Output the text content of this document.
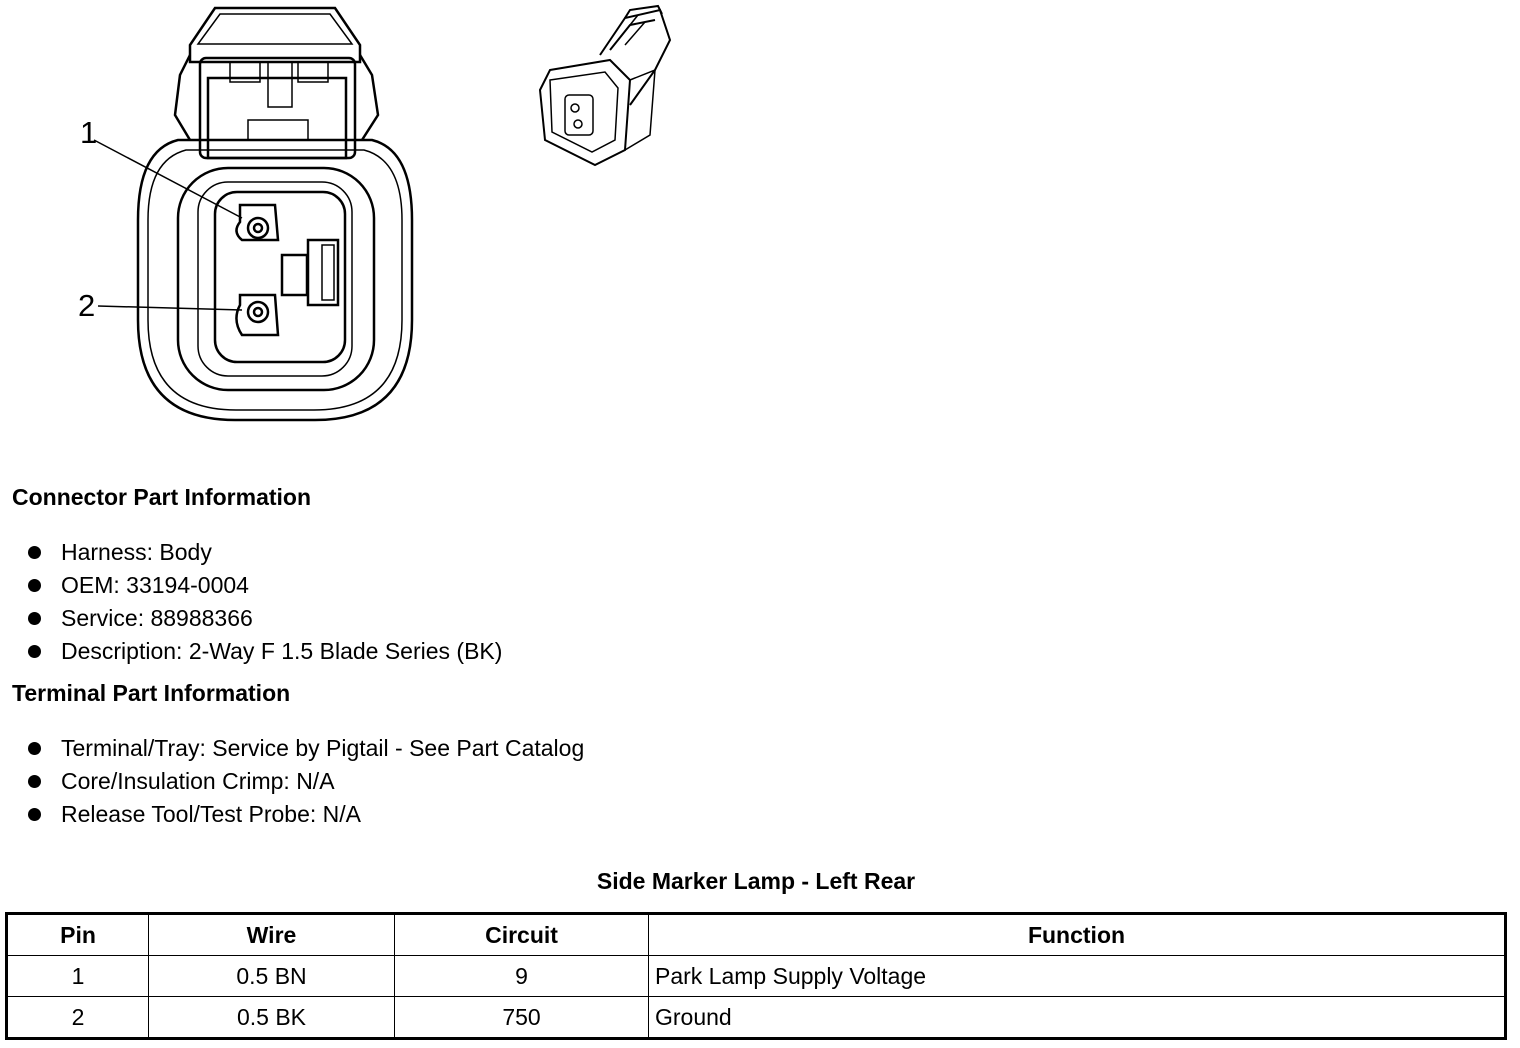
1
2
Connector Part Information
Harness: Body
OEM: 33194-0004
Service: 88988366
Description: 2-Way F 1.5 Blade Series (BK)
Terminal Part Information
Terminal/Tray: Service by Pigtail - See Part Catalog
Core/Insulation Crimp: N/A
Release Tool/Test Probe: N/A
Side Marker Lamp - Left Rear
Pin	Wire	Circuit	Function
1	0.5 BN	9	Park Lamp Supply Voltage
2	0.5 BK	750	Ground
